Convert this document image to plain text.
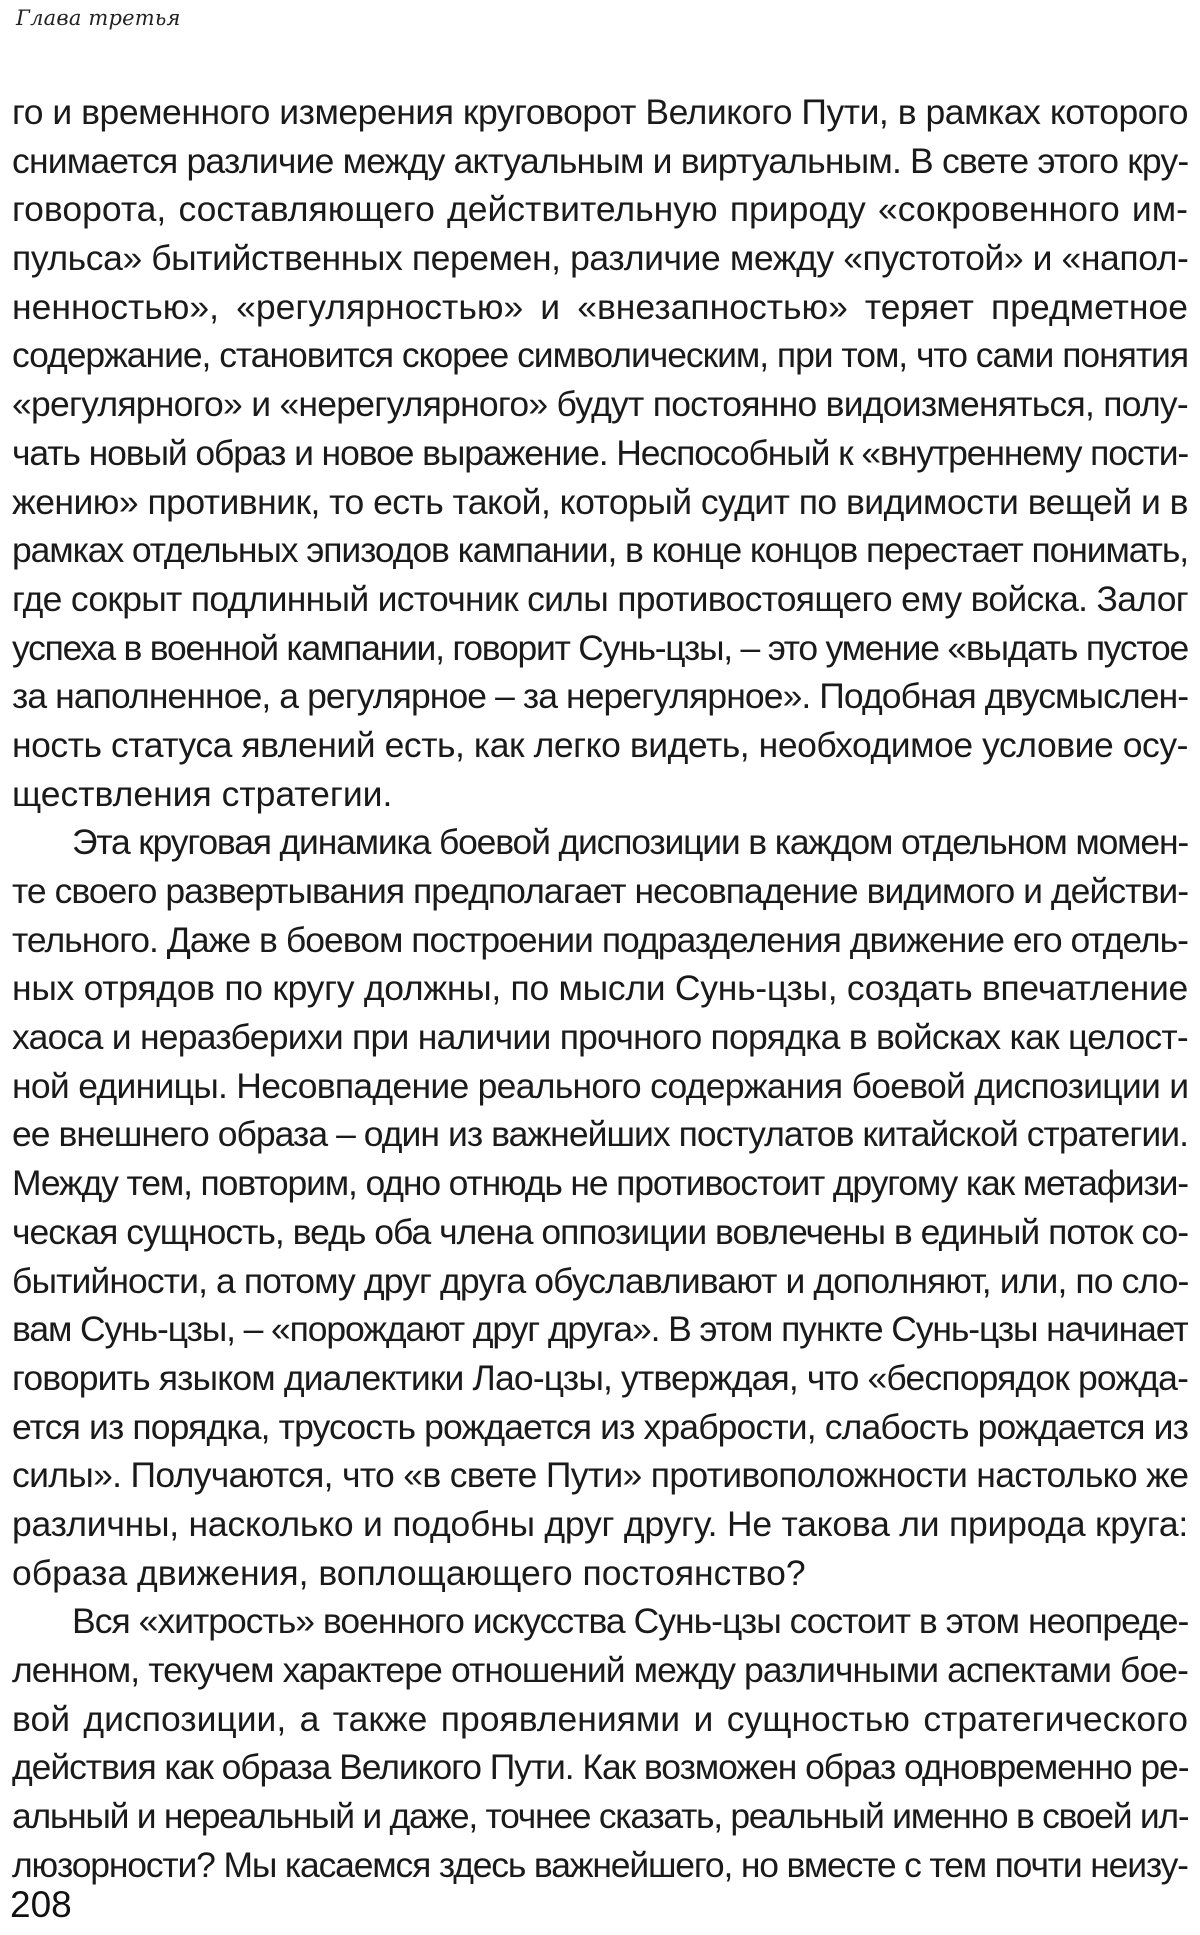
Глава третья
го и временного измерения круговорот Великого Пути, в рамках которого
снимается различие между актуальным и виртуальным. В свете этого кру-
говорота, составляющего действительную природу «сокровенного им-
пульса» бытийственных перемен, различие между «пустотой» и «напол-
ненностью», «регулярностью» и «внезапностью» теряет предметное
содержание, становится скорее символическим, при том, что сами понятия
«регулярного» и «нерегулярного» будут постоянно видоизменяться, полу-
чать новый образ и новое выражение. Неспособный к «внутреннему пости-
жению» противник, то есть такой, который судит по видимости вещей и в
рамках отдельных эпизодов кампании, в конце концов перестает понимать,
где сокрыт подлинный источник силы противостоящего ему войска. Залог
успеха в военной кампании, говорит Сунь-цзы, – это умение «выдать пустое
за наполненное, а регулярное – за нерегулярное». Подобная двусмыслен-
ность статуса явлений есть, как легко видеть, необходимое условие осу-
ществления стратегии.
Эта круговая динамика боевой диспозиции в каждом отдельном момен-
те своего развертывания предполагает несовпадение видимого и действи-
тельного. Даже в боевом построении подразделения движение его отдель-
ных отрядов по кругу должны, по мысли Сунь-цзы, создать впечатление
хаоса и неразберихи при наличии прочного порядка в войсках как целост-
ной единицы. Несовпадение реального содержания боевой диспозиции и
ее внешнего образа – один из важнейших постулатов китайской стратегии.
Между тем, повторим, одно отнюдь не противостоит другому как метафизи-
ческая сущность, ведь оба члена оппозиции вовлечены в единый поток со-
бытийности, а потому друг друга обуславливают и дополняют, или, по сло-
вам Сунь-цзы, – «порождают друг друга». В этом пункте Сунь-цзы начинает
говорить языком диалектики Лао-цзы, утверждая, что «беспорядок рожда-
ется из порядка, трусость рождается из храбрости, слабость рождается из
силы». Получаются, что «в свете Пути» противоположности настолько же
различны, насколько и подобны друг другу. Не такова ли природа круга:
образа движения, воплощающего постоянство?
Вся «хитрость» военного искусства Сунь-цзы состоит в этом неопреде-
ленном, текучем характере отношений между различными аспектами бое-
вой диспозиции, а также проявлениями и сущностью стратегического
действия как образа Великого Пути. Как возможен образ одновременно ре-
альный и нереальный и даже, точнее сказать, реальный именно в своей ил-
люзорности? Мы касаемся здесь важнейшего, но вместе с тем почти неизу-
208
